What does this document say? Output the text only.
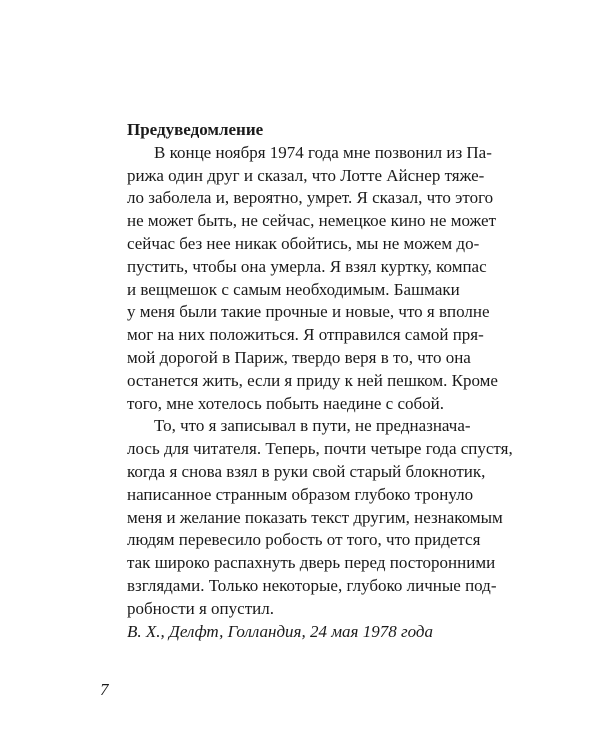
Предуведомление
В конце ноября 1974 года мне позвонил из Па-
рижа один друг и сказал, что Лотте Айснер тяже-
ло заболела и, вероятно, умрет. Я сказал, что этого
не может быть, не сейчас, немецкое кино не может
сейчас без нее никак обойтись, мы не можем до-
пустить, чтобы она умерла. Я взял куртку, компас
и вещмешок с самым необходимым. Башмаки
у меня были такие прочные и новые, что я вполне
мог на них положиться. Я отправился самой пря-
мой дорогой в Париж, твердо веря в то, что она
останется жить, если я приду к ней пешком. Кроме
того, мне хотелось побыть наедине с собой.
То, что я записывал в пути, не предназнача-
лось для читателя. Теперь, почти четыре года спустя,
когда я снова взял в руки свой старый блокнотик,
написанное странным образом глубоко тронуло
меня и желание показать текст другим, незнакомым
людям перевесило робость от того, что придется
так широко распахнуть дверь перед посторонними
взглядами. Только некоторые, глубоко личные под-
робности я опустил.
В. Х., Делфт, Голландия, 24 мая 1978 года
7
